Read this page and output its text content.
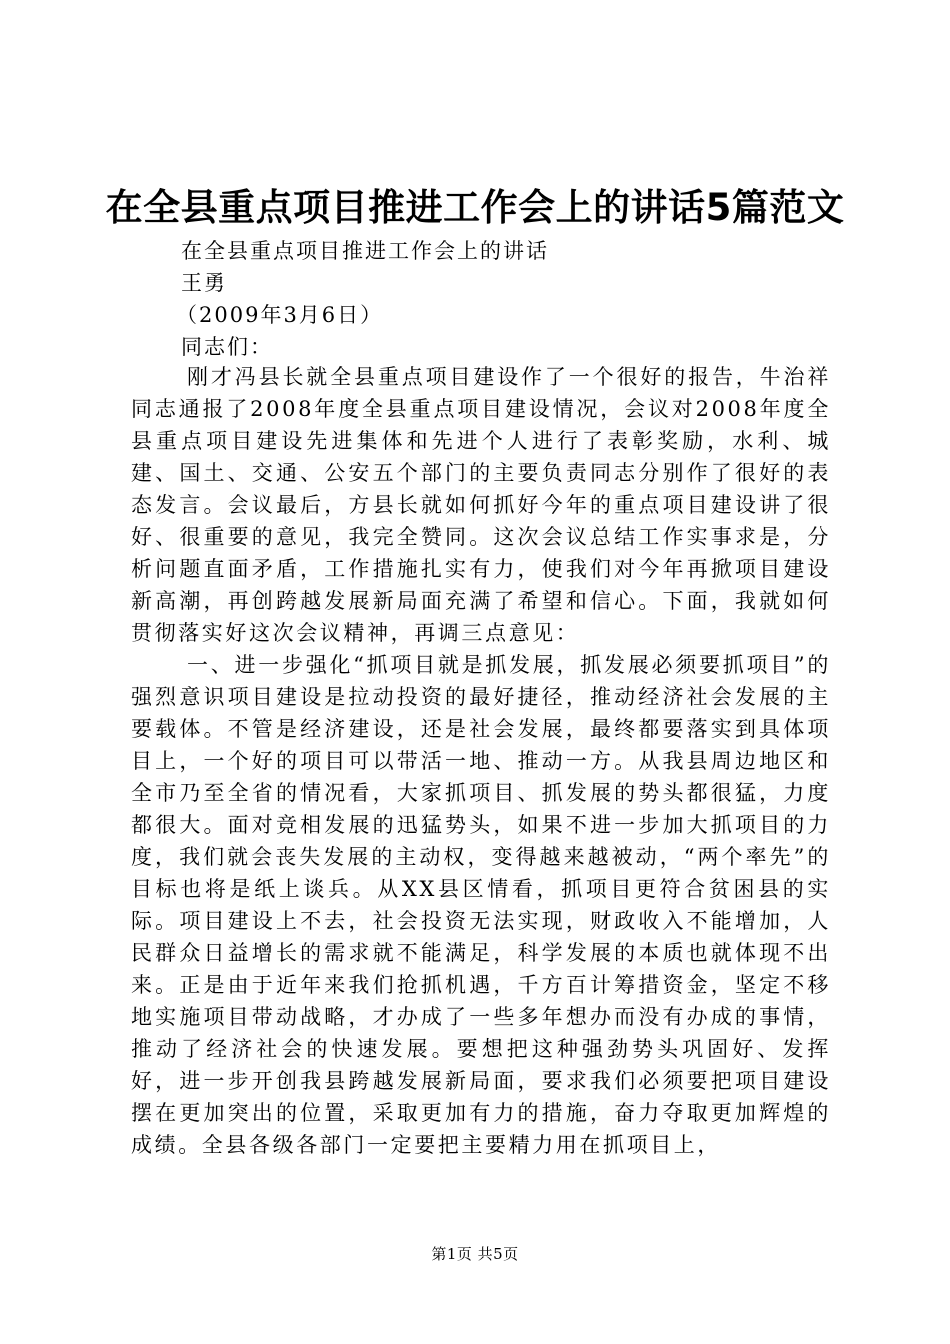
在全县重点项目推进工作会上的讲话5篇范文
在全县重点项目推进工作会上的讲话
王勇
（2009年3月6日）
同志们：
刚才冯县长就全县重点项目建设作了一个很好的报告，牛治祥同志通报了2008年度全县重点项目建设情况，会议对2008年度全县重点项目建设先进集体和先进个人进行了表彰奖励，水利、城建、国土、交通、公安五个部门的主要负责同志分别作了很好的表态发言。会议最后，方县长就如何抓好今年的重点项目建设讲了很好、很重要的意见，我完全赞同。这次会议总结工作实事求是，分析问题直面矛盾，工作措施扎实有力，使我们对今年再掀项目建设新高潮，再创跨越发展新局面充满了希望和信心。下面，我就如何贯彻落实好这次会议精神，再调三点意见：
一、进一步强化“抓项目就是抓发展，抓发展必须要抓项目”的强烈意识项目建设是拉动投资的最好捷径，推动经济社会发展的主要载体。不管是经济建设，还是社会发展，最终都要落实到具体项目上，一个好的项目可以带活一地、推动一方。从我县周边地区和全市乃至全省的情况看，大家抓项目、抓发展的势头都很猛，力度都很大。面对竞相发展的迅猛势头，如果不进一步加大抓项目的力度，我们就会丧失发展的主动权，变得越来越被动，“两个率先”的目标也将是纸上谈兵。从XX县区情看，抓项目更符合贫困县的实际。项目建设上不去，社会投资无法实现，财政收入不能增加，人民群众日益增长的需求就不能满足，科学发展的本质也就体现不出来。正是由于近年来我们抢抓机遇，千方百计筹措资金，坚定不移地实施项目带动战略，才办成了一些多年想办而没有办成的事情，推动了经济社会的快速发展。要想把这种强劲势头巩固好、发挥好，进一步开创我县跨越发展新局面，要求我们必须要把项目建设摆在更加突出的位置，采取更加有力的措施，奋力夺取更加辉煌的成绩。全县各级各部门一定要把主要精力用在抓项目上，
第1页 共5页
